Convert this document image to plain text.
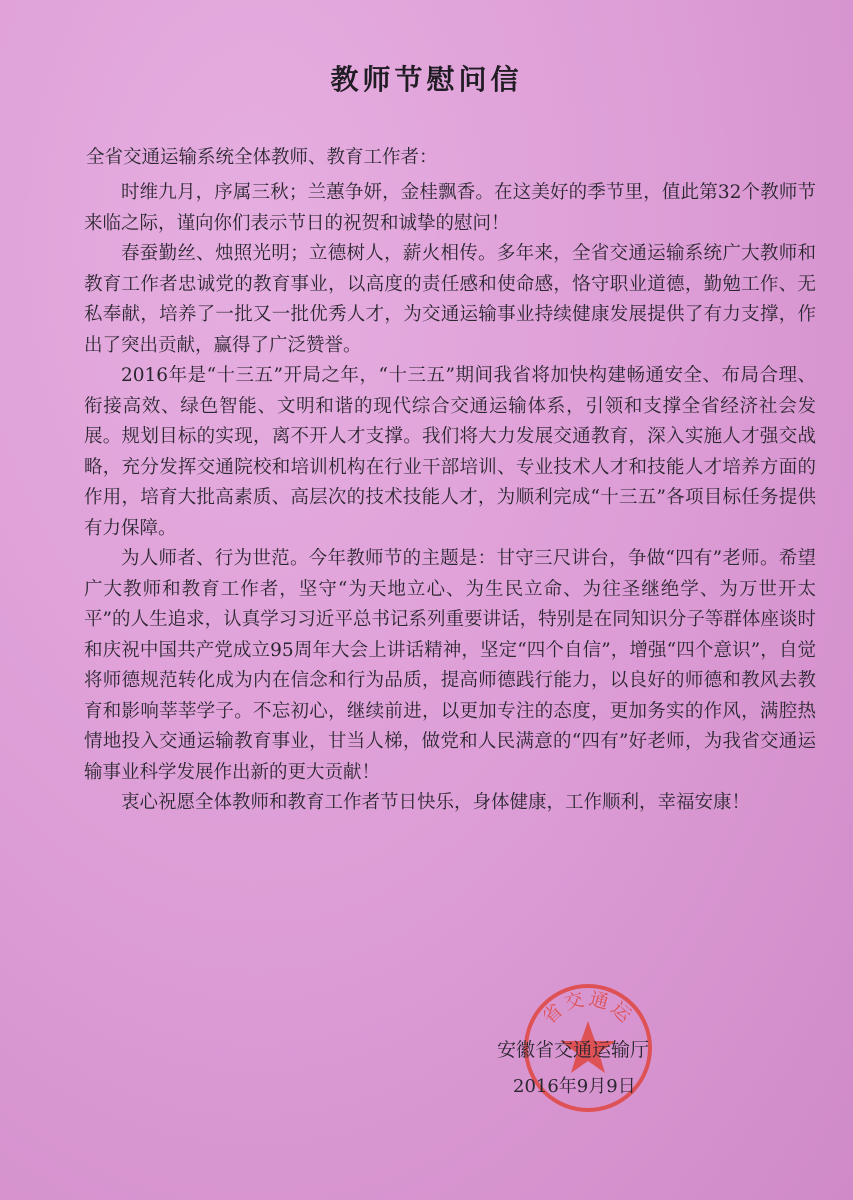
教师节慰问信
全省交通运输系统全体教师、教育工作者：

时维九月，序属三秋；兰蕙争妍，金桂飘香。在这美好的季节里，值此第32个教师节来临之际，谨向你们表示节日的祝贺和诚挚的慰问！

春蚕勤丝、烛照光明；立德树人，薪火相传。多年来，全省交通运输系统广大教师和教育工作者忠诚党的教育事业，以高度的责任感和使命感，恪守职业道德，勤勉工作、无私奉献，培养了一批又一批优秀人才，为交通运输事业持续健康发展提供了有力支撑，作出了突出贡献，赢得了广泛赞誉。

2016年是“十三五”开局之年，“十三五”期间我省将加快构建畅通安全、布局合理、衔接高效、绿色智能、文明和谐的现代综合交通运输体系，引领和支撑全省经济社会发展。规划目标的实现，离不开人才支撑。我们将大力发展交通教育，深入实施人才强交战略，充分发挥交通院校和培训机构在行业干部培训、专业技术人才和技能人才培养方面的作用，培育大批高素质、高层次的技术技能人才，为顺利完成“十三五”各项目标任务提供有力保障。

为人师者、行为世范。今年教师节的主题是：甘守三尺讲台，争做“四有”老师。希望广大教师和教育工作者，坚守“为天地立心、为生民立命、为往圣继绝学、为万世开太平”的人生追求，认真学习习近平总书记系列重要讲话，特别是在同知识分子等群体座谈时和庆祝中国共产党成立95周年大会上讲话精神，坚定“四个自信”，增强“四个意识”，自觉将师德规范转化成为内在信念和行为品质，提高师德践行能力，以良好的师德和教风去教育和影响莘莘学子。不忘初心，继续前进，以更加专注的态度，更加务实的作风，满腔热情地投入交通运输教育事业，甘当人梯，做党和人民满意的“四有”好老师，为我省交通运输事业科学发展作出新的更大贡献！

衷心祝愿全体教师和教育工作者节日快乐，身体健康，工作顺利，幸福安康！

省交通运
安徽省交通运输厅
2016年9月9日
